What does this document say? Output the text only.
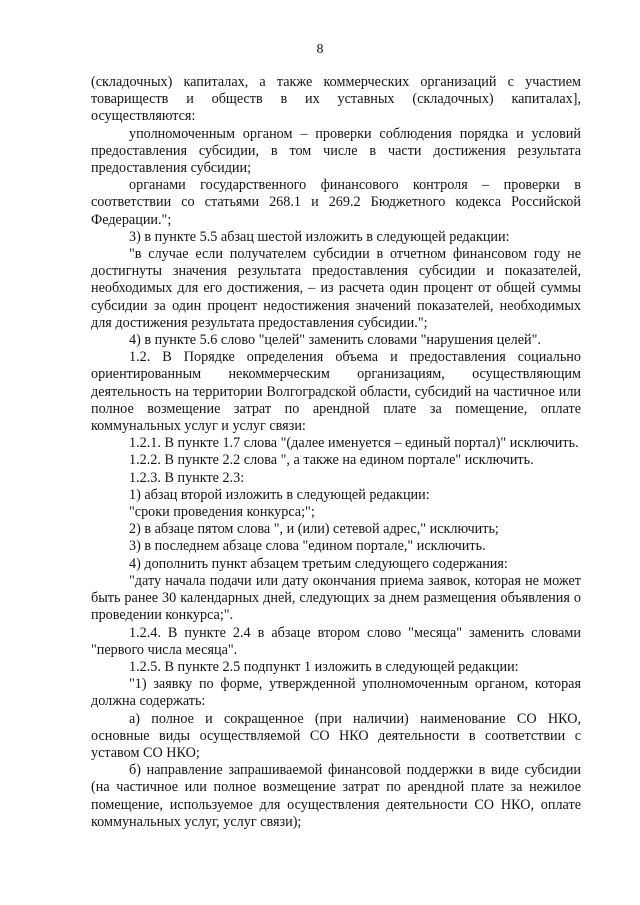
8

(складочных) капиталах, а также коммерческих организаций с участием товариществ и обществ в их уставных (складочных) капиталах], осуществляются:

уполномоченным органом – проверки соблюдения порядка и условий предоставления субсидии, в том числе в части достижения результата предоставления субсидии;

органами государственного финансового контроля – проверки в соответствии со статьями 268.1 и 269.2 Бюджетного кодекса Российской Федерации.";

3) в пункте 5.5 абзац шестой изложить в следующей редакции:

"в случае если получателем субсидии в отчетном финансовом году не достигнуты значения результата предоставления субсидии и показателей, необходимых для его достижения, – из расчета один процент от общей суммы субсидии за один процент недостижения значений показателей, необходимых для достижения результата предоставления субсидии.";

4) в пункте 5.6 слово "целей" заменить словами "нарушения целей".

1.2. В Порядке определения объема и предоставления социально ориентированным некоммерческим организациям, осуществляющим деятельность на территории Волгоградской области, субсидий на частичное или полное возмещение затрат по арендной плате за помещение, оплате коммунальных услуг и услуг связи:

1.2.1. В пункте 1.7 слова "(далее именуется – единый портал)" исключить.

1.2.2. В пункте 2.2 слова ", а также на едином портале" исключить.

1.2.3. В пункте 2.3:

1) абзац второй изложить в следующей редакции:

"сроки проведения конкурса;";

2) в абзаце пятом слова ", и (или) сетевой адрес," исключить;

3) в последнем абзаце слова "едином портале," исключить.

4) дополнить пункт абзацем третьим следующего содержания:

"дату начала подачи или дату окончания приема заявок, которая не может быть ранее 30 календарных дней, следующих за днем размещения объявления о проведении конкурса;".

1.2.4. В пункте 2.4 в абзаце втором слово "месяца" заменить словами "первого числа месяца".

1.2.5. В пункте 2.5 подпункт 1 изложить в следующей редакции:

"1) заявку по форме, утвержденной уполномоченным органом, которая должна содержать:

а) полное и сокращенное (при наличии) наименование СО НКО, основные виды осуществляемой СО НКО деятельности в соответствии с уставом СО НКО;

б) направление запрашиваемой финансовой поддержки в виде субсидии (на частичное или полное возмещение затрат по арендной плате за нежилое помещение, используемое для осуществления деятельности СО НКО, оплате коммунальных услуг, услуг связи);
